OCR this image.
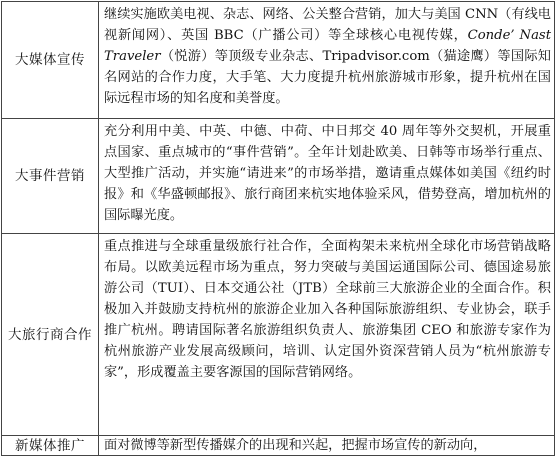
大媒体宣传	继续实施欧美电视、杂志、网络、公关整合营销，加大与美国 CNN（有线电视新闻网）、英国 BBC（广播公司）等全球核心电视传媒，Conde’ Nast Traveler（悦游）等顶级专业杂志、Tripadvisor.com（猫途鹰）等国际知名网站的合作力度，大手笔、大力度提升杭州旅游城市形象，提升杭州在国际远程市场的知名度和美誉度。
大事件营销	充分利用中美、中英、中德、中荷、中日邦交 40 周年等外交契机，开展重点国家、重点城市的“事件营销”。全年计划赴欧美、日韩等市场举行重点、大型推广活动，并实施“请进来”的市场举措，邀请重点媒体如美国《纽约时报》和《华盛顿邮报》、旅行商团来杭实地体验采风，借势登高，增加杭州的国际曝光度。
大旅行商合作	重点推进与全球重量级旅行社合作，全面构架未来杭州全球化市场营销战略布局。以欧美远程市场为重点，努力突破与美国运通国际公司、德国途易旅游公司（TUI）、日本交通公社（JTB）全球前三大旅游企业的全面合作。积极加入并鼓励支持杭州的旅游企业加入各种国际旅游组织、专业协会，联手推广杭州。聘请国际著名旅游组织负责人、旅游集团 CEO 和旅游专家作为杭州旅游产业发展高级顾问，培训、认定国外资深营销人员为“杭州旅游专家”，形成覆盖主要客源国的国际营销网络。
新媒体推广	面对微博等新型传播媒介的出现和兴起，把握市场宣传的新动向，
